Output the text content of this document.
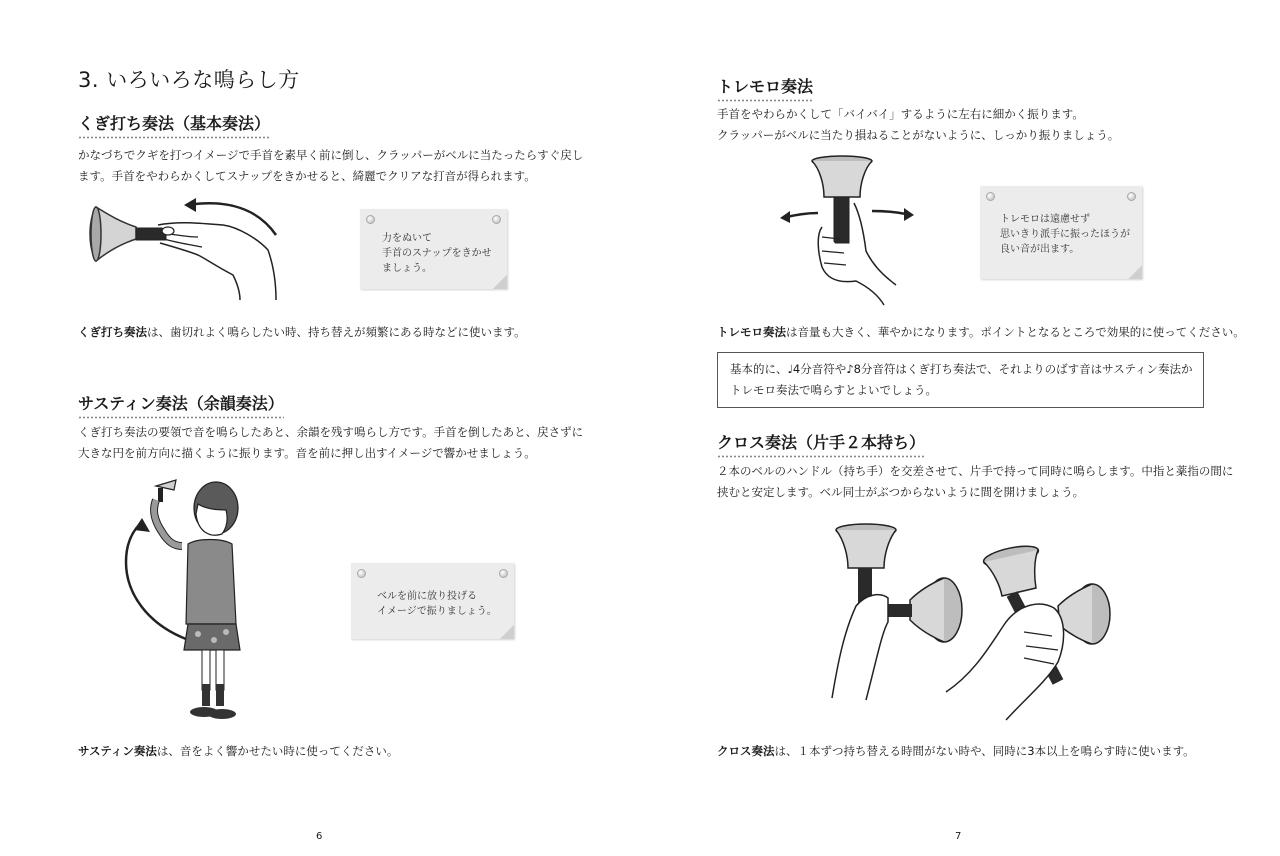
3. いろいろな鳴らし方
くぎ打ち奏法（基本奏法）
かなづちでクギを打つイメージで手首を素早く前に倒し、クラッパーがベルに当たったらすぐ戻し
ます。手首をやわらかくしてスナップをきかせると、綺麗でクリアな打音が得られます。
力をぬいて
手首のスナップをきかせ
ましょう。
くぎ打ち奏法は、歯切れよく鳴らしたい時、持ち替えが頻繁にある時などに使います。
サスティン奏法（余韻奏法）
くぎ打ち奏法の要領で音を鳴らしたあと、余韻を残す鳴らし方です。手首を倒したあと、戻さずに
大きな円を前方向に描くように振ります。音を前に押し出すイメージで響かせましょう。
ベルを前に放り投げる
イメージで振りましょう。
サスティン奏法は、音をよく響かせたい時に使ってください。
6
トレモロ奏法
手首をやわらかくして「バイバイ」するように左右に細かく振ります。
クラッパーがベルに当たり損ねることがないように、しっかり振りましょう。
トレモロは遠慮せず
思いきり派手に振ったほうが
良い音が出ます。
トレモロ奏法は音量も大きく、華やかになります。ポイントとなるところで効果的に使ってください。
基本的に、♩4分音符や♪8分音符はくぎ打ち奏法で、それよりのばす音はサスティン奏法か
トレモロ奏法で鳴らすとよいでしょう。
クロス奏法（片手２本持ち）
２本のベルのハンドル（持ち手）を交差させて、片手で持って同時に鳴らします。中指と薬指の間に
挟むと安定します。ベル同士がぶつからないように間を開けましょう。
クロス奏法は、１本ずつ持ち替える時間がない時や、同時に3本以上を鳴らす時に使います。
7
